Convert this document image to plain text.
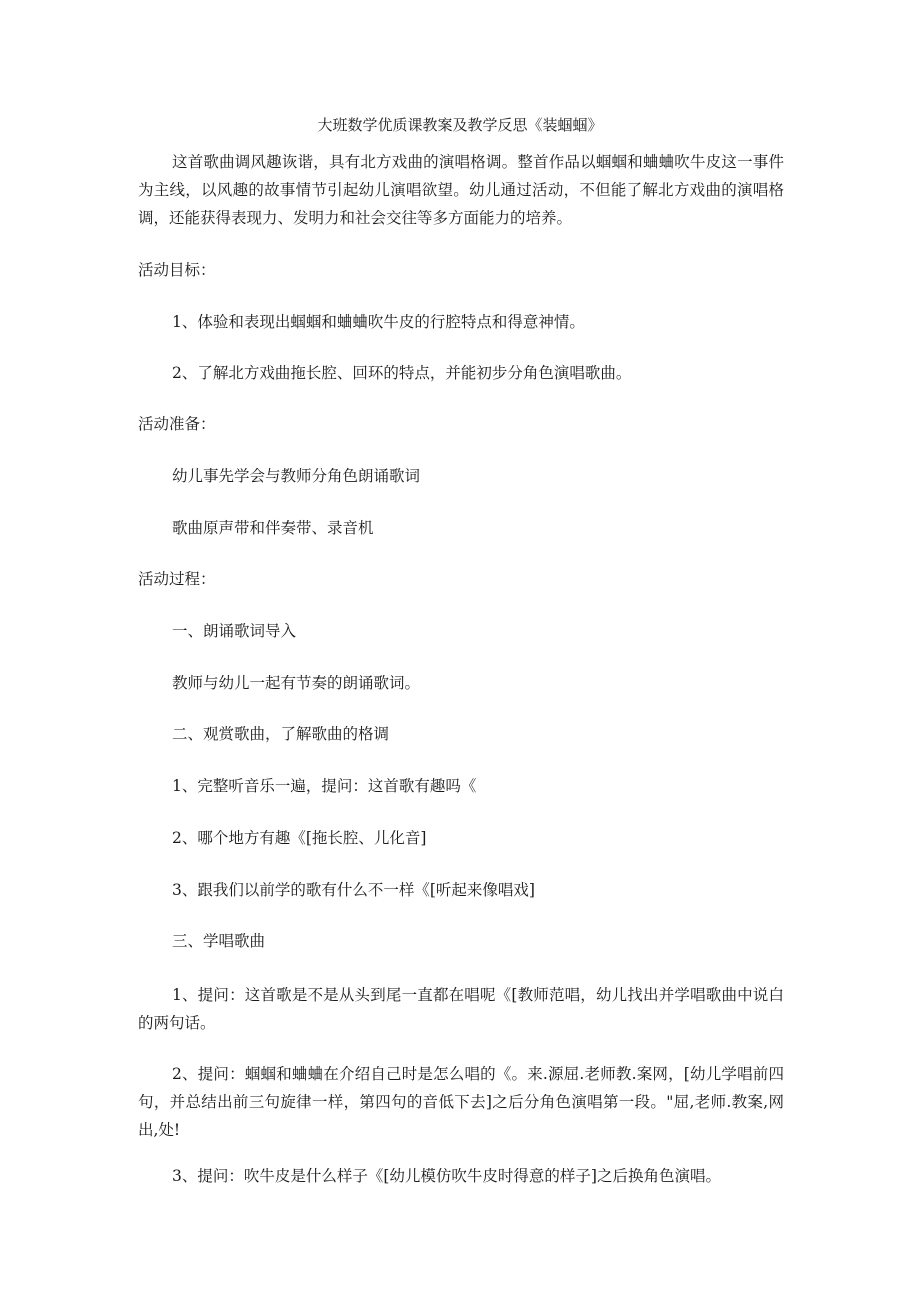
大班数学优质课教案及教学反思《装蝈蝈》

这首歌曲调风趣诙谐，具有北方戏曲的演唱格调。整首作品以蝈蝈和蛐蛐吹牛皮这一事件为主线，以风趣的故事情节引起幼儿演唱欲望。幼儿通过活动，不但能了解北方戏曲的演唱格调，还能获得表现力、发明力和社会交往等多方面能力的培养。

活动目标：

1、体验和表现出蝈蝈和蛐蛐吹牛皮的行腔特点和得意神情。

2、了解北方戏曲拖长腔、回环的特点，并能初步分角色演唱歌曲。

活动准备：

幼儿事先学会与教师分角色朗诵歌词

歌曲原声带和伴奏带、录音机

活动过程：

一、朗诵歌词导入

教师与幼儿一起有节奏的朗诵歌词。

二、观赏歌曲，了解歌曲的格调

1、完整听音乐一遍，提问：这首歌有趣吗《

2、哪个地方有趣《[拖长腔、儿化音]

3、跟我们以前学的歌有什么不一样《[听起来像唱戏]

三、学唱歌曲

1、提问：这首歌是不是从头到尾一直都在唱呢《[教师范唱，幼儿找出并学唱歌曲中说白的两句话。

2、提问：蝈蝈和蛐蛐在介绍自己时是怎么唱的《。来.源屈.老师教.案网，[幼儿学唱前四句，并总结出前三句旋律一样，第四句的音低下去]之后分角色演唱第一段。"屈,老师.教案,网出,处!

3、提问：吹牛皮是什么样子《[幼儿模仿吹牛皮时得意的样子]之后换角色演唱。
